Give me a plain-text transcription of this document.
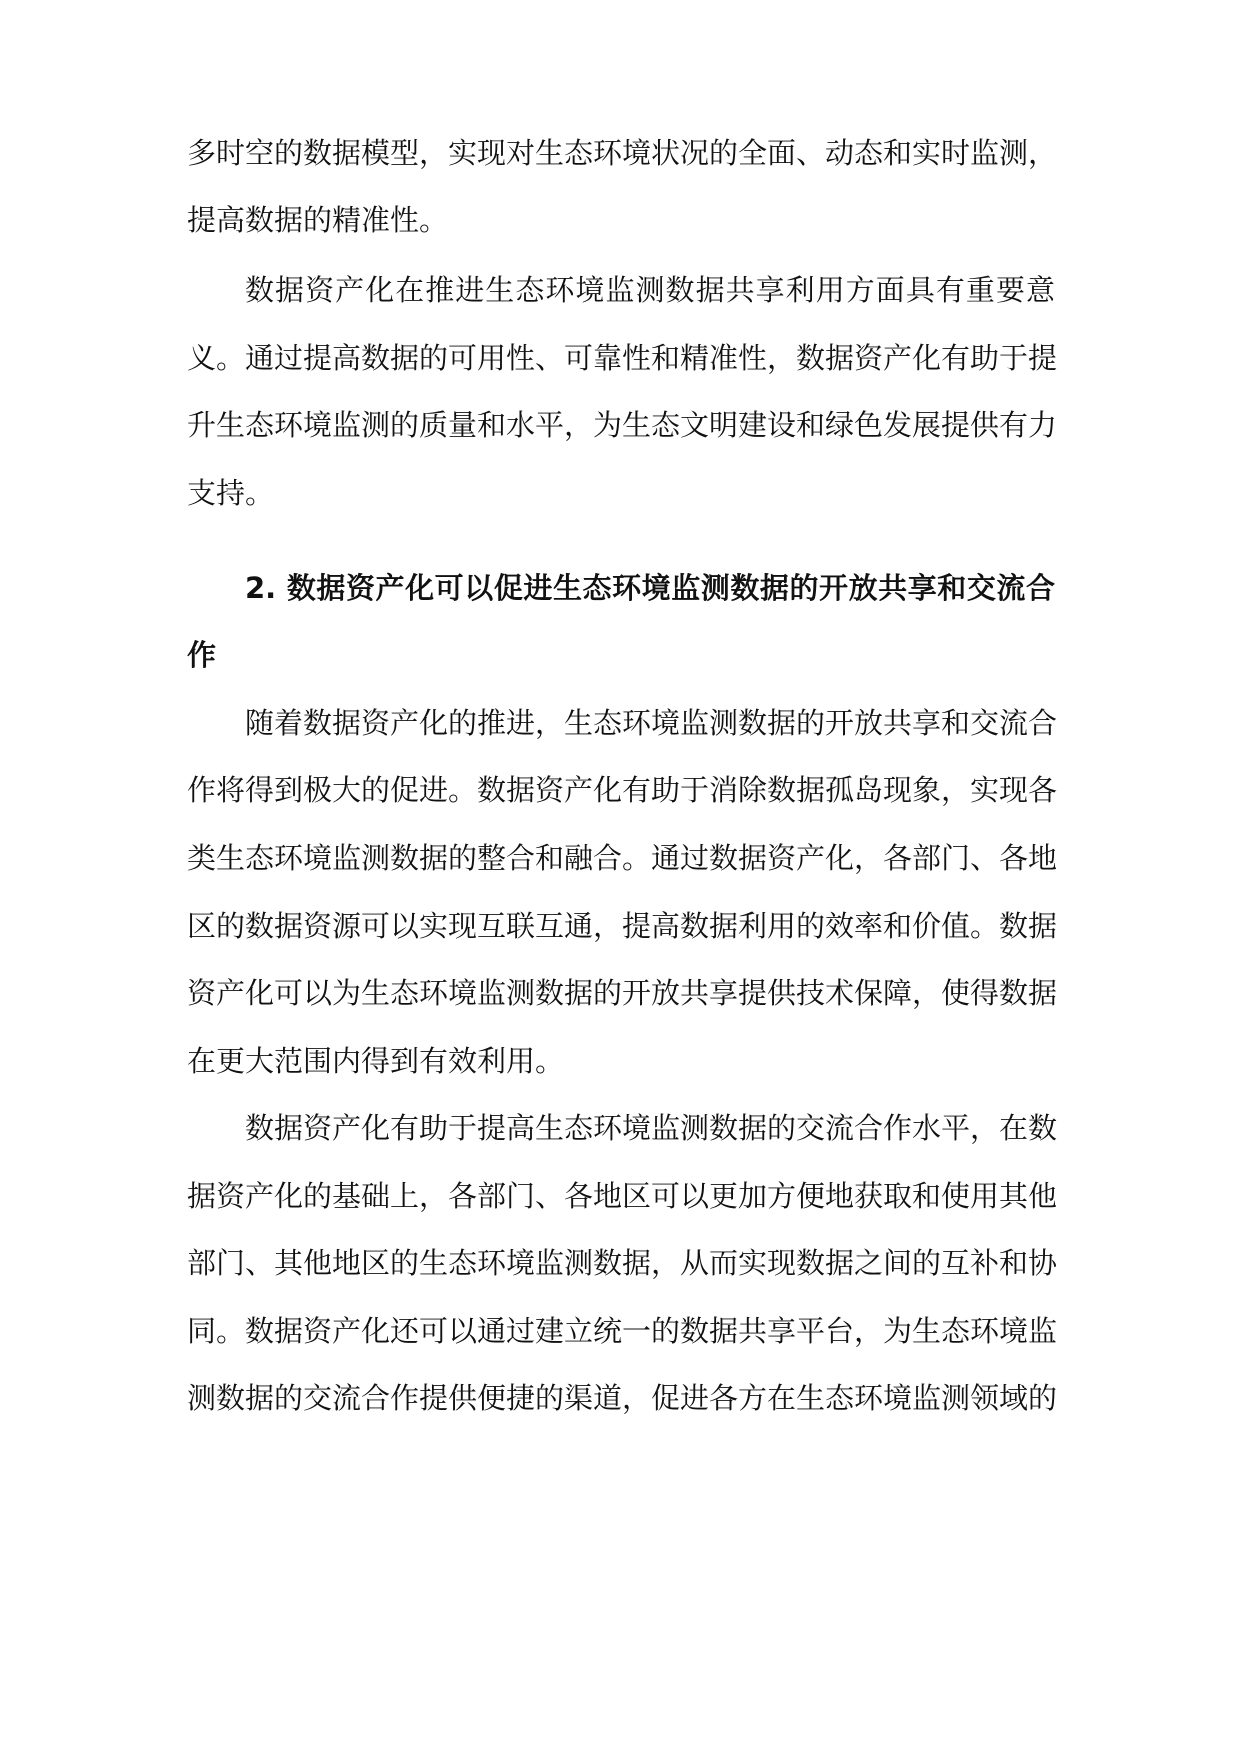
多时空的数据模型，实现对生态环境状况的全面、动态和实时监测，
提高数据的精准性。
数据资产化在推进生态环境监测数据共享利用方面具有重要意
义。通过提高数据的可用性、可靠性和精准性，数据资产化有助于提
升生态环境监测的质量和水平，为生态文明建设和绿色发展提供有力
支持。
2. 数据资产化可以促进生态环境监测数据的开放共享和交流合
作
随着数据资产化的推进，生态环境监测数据的开放共享和交流合
作将得到极大的促进。数据资产化有助于消除数据孤岛现象，实现各
类生态环境监测数据的整合和融合。通过数据资产化，各部门、各地
区的数据资源可以实现互联互通，提高数据利用的效率和价值。数据
资产化可以为生态环境监测数据的开放共享提供技术保障，使得数据
在更大范围内得到有效利用。
数据资产化有助于提高生态环境监测数据的交流合作水平，在数
据资产化的基础上，各部门、各地区可以更加方便地获取和使用其他
部门、其他地区的生态环境监测数据，从而实现数据之间的互补和协
同。数据资产化还可以通过建立统一的数据共享平台，为生态环境监
测数据的交流合作提供便捷的渠道，促进各方在生态环境监测领域的
